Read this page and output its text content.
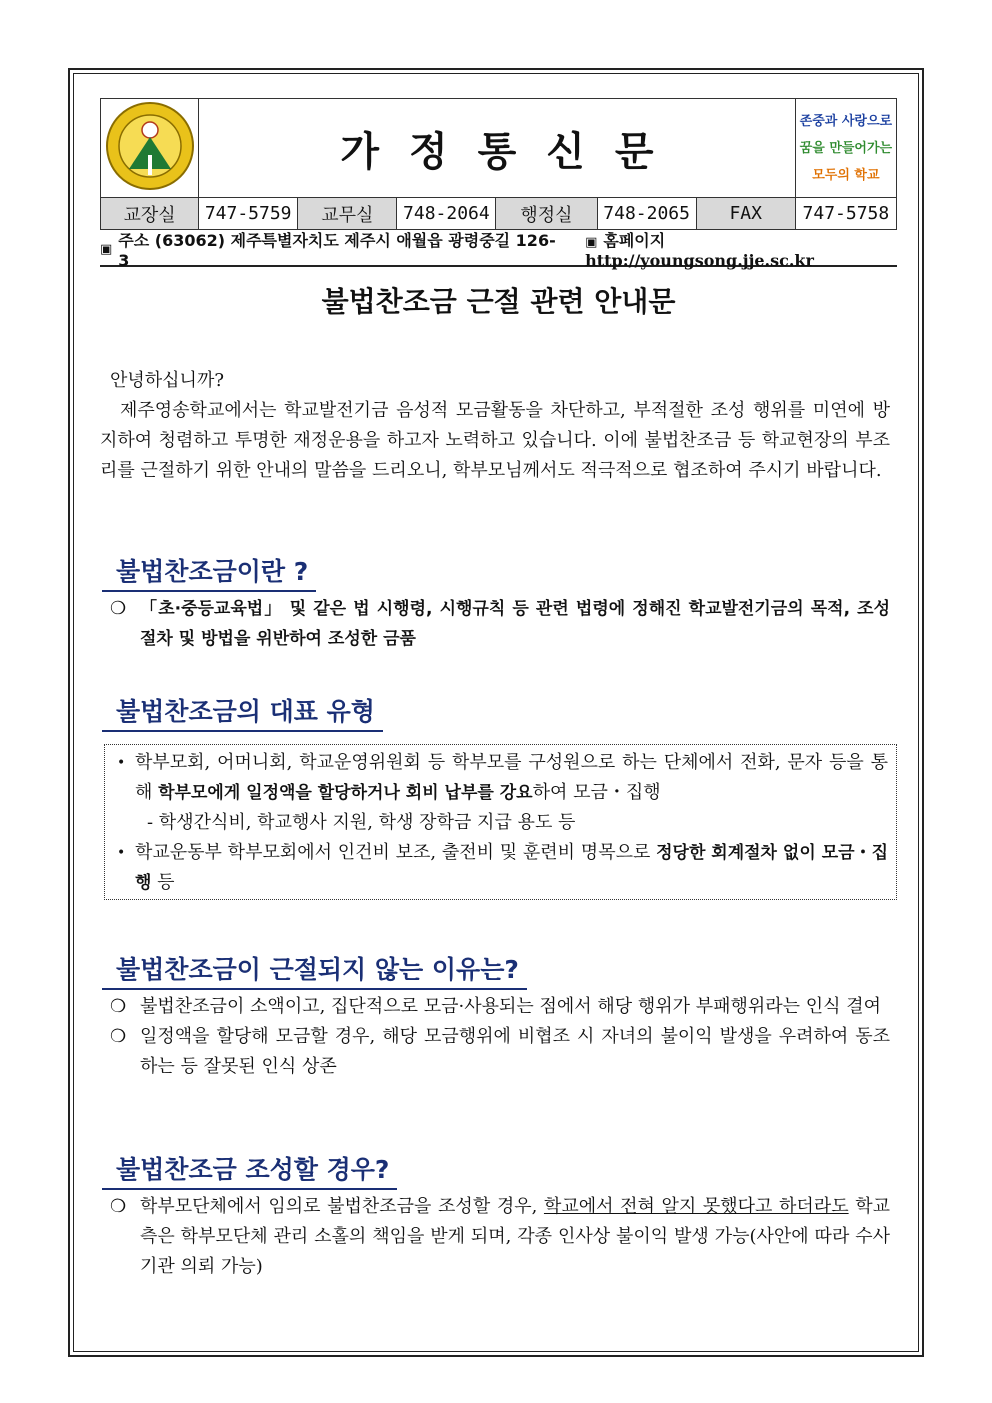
	가정통신문						존중과 사랑으로
꿈을 만들어가는
모두의 학교

교장실	747-5759	교무실	748-2064	행정실	748-2065	FAX	747-5758
▣ 주소 (63062) 제주특별자치도 제주시 애월읍 광령중길 126-3
▣ 홈페이지 http://youngsong.jje.sc.kr
불법찬조금 근절 관련 안내문

안녕하십니까?

제주영송학교에서는 학교발전기금 음성적 모금활동을 차단하고, 부적절한 조성 행위를 미연에 방지하여 청렴하고 투명한 재정운용을 하고자 노력하고 있습니다. 이에 불법찬조금 등 학교현장의 부조리를 근절하기 위한 안내의 말씀을 드리오니, 학부모님께서도 적극적으로 협조하여 주시기 바랍니다.

불법찬조금이란 ?
❍ 「초·중등교육법」 및 같은 법 시행령, 시행규칙 등 관련 법령에 정해진 학교발전기금의 목적, 조성 절차 및 방법을 위반하여 조성한 금품
불법찬조금의 대표 유형
• 학부모회, 어머니회, 학교운영위원회 등 학부모를 구성원으로 하는 단체에서 전화, 문자 등을 통해 학부모에게 일정액을 할당하거나 회비 납부를 강요하여 모금・집행
- 학생간식비, 학교행사 지원, 학생 장학금 지급 용도 등
• 학교운동부 학부모회에서 인건비 보조, 출전비 및 훈련비 명목으로 정당한 회계절차 없이 모금・집행 등
불법찬조금이 근절되지 않는 이유는?
❍ 불법찬조금이 소액이고, 집단적으로 모금·사용되는 점에서 해당 행위가 부패행위라는 인식 결여
❍ 일정액을 할당해 모금할 경우, 해당 모금행위에 비협조 시 자녀의 불이익 발생을 우려하여 동조하는 등 잘못된 인식 상존
불법찬조금 조성할 경우?
❍ 학부모단체에서 임의로 불법찬조금을 조성할 경우, 학교에서 전혀 알지 못했다고 하더라도 학교측은 학부모단체 관리 소홀의 책임을 받게 되며, 각종 인사상 불이익 발생 가능(사안에 따라 수사기관 의뢰 가능)
